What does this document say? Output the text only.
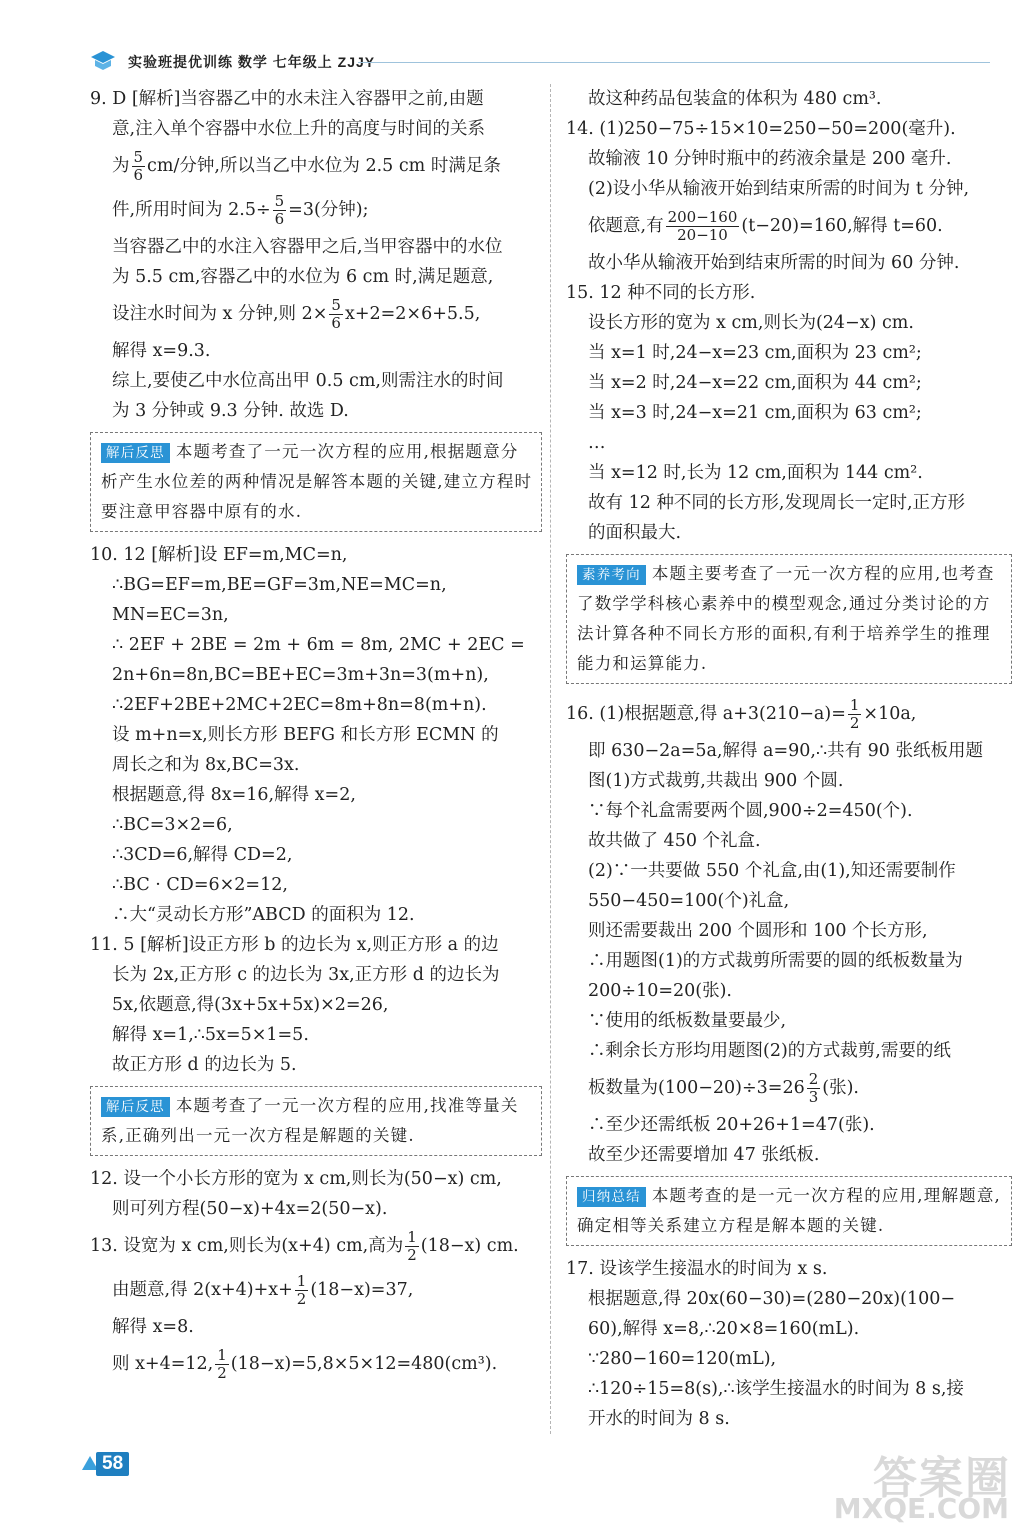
实验班提优训练 数学 七年级上 ZJJY
9. D [解析]当容器乙中的水未注入容器甲之前,由题
意,注入单个容器中水位上升的高度与时间的关系
为 $\frac{5}{6} cm/$分钟,所以当乙中水位为 2.5 cm 时满足条
件,所用时间为 $2.5\div \frac{5}{6} =3$(分钟);
当容器乙中的水注入容器甲之后,当甲容器中的水位
为 5.5 cm,容器乙中的水位为 6 cm 时,满足题意,
设注水时间为 x 分钟,则 $2\times \frac{5}{6} x+2=2\times 6+5.5$,
解得 x=9.3.
综上,要使乙中水位高出甲 0.5 cm,则需注水的时间
为 3 分钟或 9.3 分钟. 故选 D.
解后反思 本题考查了一元一次方程的应用,根据题意分析产生水位差的两种情况是解答本题的关键,建立方程时要注意甲容器中原有的水.
10. 12 [解析]设 EF=m,MC=n,
∴BG=EF=m,BE=GF=3m,NE=MC=n,
MN=EC=3n,
∴ 2EF + 2BE = 2m + 6m = 8m, 2MC + 2EC =
2n+6n=8n,BC=BE+EC=3m+3n=3(m+n),
∴2EF+2BE+2MC+2EC=8m+8n=8(m+n).
设 m+n=x,则长方形 BEFG 和长方形 ECMN 的
周长之和为 8x,BC=3x.
根据题意,得 8x=16,解得 x=2,
∴BC=3×2=6,
∴3CD=6,解得 CD=2,
∴BC · CD=6×2=12,
∴大“灵动长方形”ABCD 的面积为 12.
11. 5 [解析]设正方形 b 的边长为 x,则正方形 a 的边
长为 2x,正方形 c 的边长为 3x,正方形 d 的边长为
5x,依题意,得(3x+5x+5x)×2=26,
解得 x=1,∴5x=5×1=5.
故正方形 d 的边长为 5.
解后反思 本题考查了一元一次方程的应用,找准等量关系,正确列出一元一次方程是解题的关键.
12. 设一个小长方形的宽为 x cm,则长为(50−x) cm,
则可列方程(50−x)+4x=2(50−x).
13. 设宽为 x cm,则长为(x+4) cm,高为 $\frac{1}{2} (18-x)$ cm.
由题意,得 $2(x+4)+x+ \frac{1}{2} (18-x)=37$,
解得 x=8.
则 x+4=12, $\frac{1}{2} (18-x)=5,8\times 5\times 12=480(cm^3)$.
故这种药品包装盒的体积为 480 cm³.
14. (1)250−75÷15×10=250−50=200(毫升).
故输液 10 分钟时瓶中的药液余量是 200 毫升.
(2)设小华从输液开始到结束所需的时间为 t 分钟,
依题意,有 $\frac{200-160}{20-10} (t-20)=160$,解得 t=60.
故小华从输液开始到结束所需的时间为 60 分钟.
15. 12 种不同的长方形.
设长方形的宽为 x cm,则长为(24−x) cm.
当 x=1 时,24−x=23 cm,面积为 23 cm²;
当 x=2 时,24−x=22 cm,面积为 44 cm²;
当 x=3 时,24−x=21 cm,面积为 63 cm²;
…
当 x=12 时,长为 12 cm,面积为 144 cm².
故有 12 种不同的长方形,发现周长一定时,正方形
的面积最大.
素养考向 本题主要考查了一元一次方程的应用,也考查了数学学科核心素养中的模型观念,通过分类讨论的方法计算各种不同长方形的面积,有利于培养学生的推理能力和运算能力.
16. (1)根据题意,得 $a+3(210-a)= \frac{1}{2} \times 10a$,
即 630−2a=5a,解得 a=90,∴共有 90 张纸板用题
图(1)方式裁剪,共裁出 900 个圆.
∵每个礼盒需要两个圆,900÷2=450(个).
故共做了 450 个礼盒.
(2)∵一共要做 550 个礼盒,由(1),知还需要制作
550−450=100(个)礼盒,
则还需要裁出 200 个圆形和 100 个长方形,
∴用题图(1)的方式裁剪所需要的圆的纸板数量为
200÷10=20(张).
∵使用的纸板数量要最少,
∴剩余长方形均用题图(2)的方式裁剪,需要的纸
板数量为$(100-20)\div 3=26 \frac{2}{3}$ (张).
∴至少还需纸板 20+26+1=47(张).
故至少还需要增加 47 张纸板.
归纳总结 本题考查的是一元一次方程的应用,理解题意,确定相等关系建立方程是解本题的关键.
17. 设该学生接温水的时间为 x s.
根据题意,得 20x(60−30)=(280−20x)(100−
60),解得 x=8,∴20×8=160(mL).
∵280−160=120(mL),
∴120÷15=8(s),∴该学生接温水的时间为 8 s,接
开水的时间为 8 s.
58	答案圈
MXQE.COM
